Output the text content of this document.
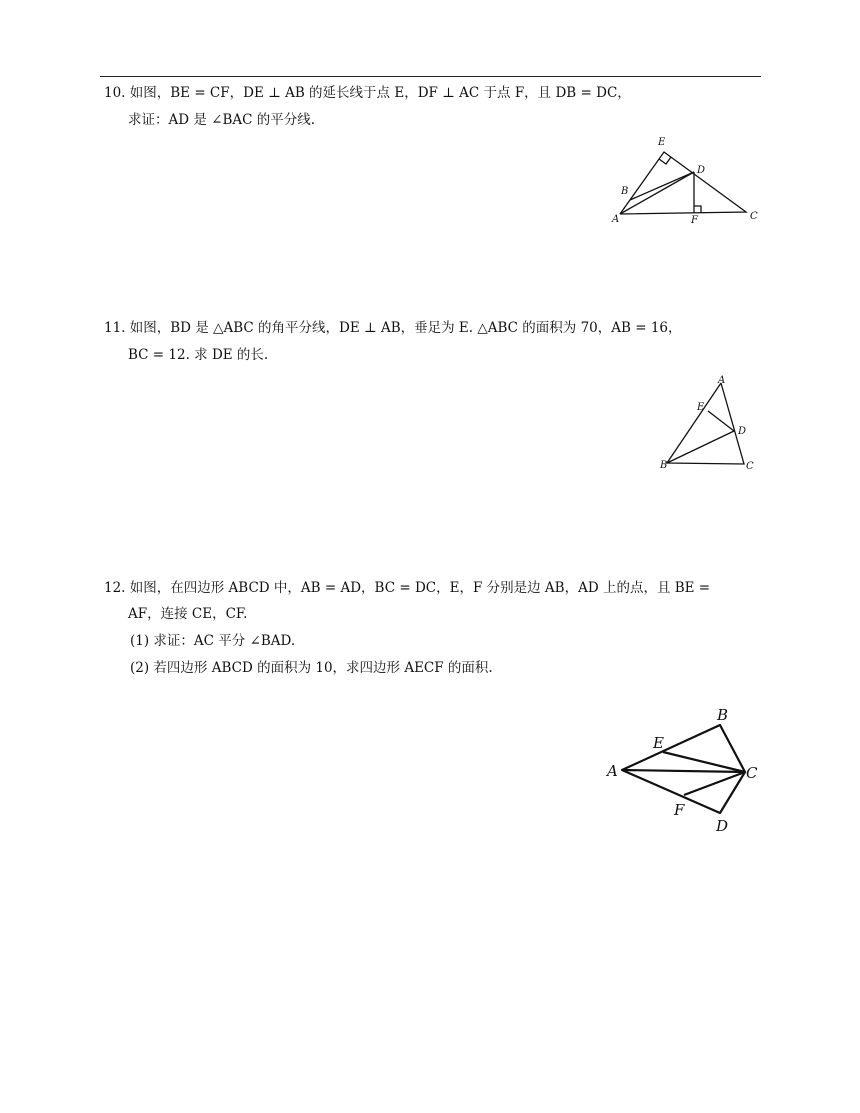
10. 如图，BE = CF，DE ⊥ AB 的延长线于点 E，DF ⊥ AC 于点 F，且 DB = DC，
求证：AD 是 ∠BAC 的平分线.
E
D
B
A	F	C
11. 如图，BD 是 △ABC 的角平分线，DE ⊥ AB，垂足为 E. △ABC 的面积为 70，AB = 16，
BC = 12. 求 DE 的长.
A
E
D
B	C
12. 如图，在四边形 ABCD 中，AB = AD，BC = DC，E，F 分别是边 AB，AD 上的点，且 BE =
AF，连接 CE，CF.
(1) 求证：AC 平分 ∠BAD.
(2) 若四边形 ABCD 的面积为 10，求四边形 AECF 的面积.
B
E
A	C
F
D
